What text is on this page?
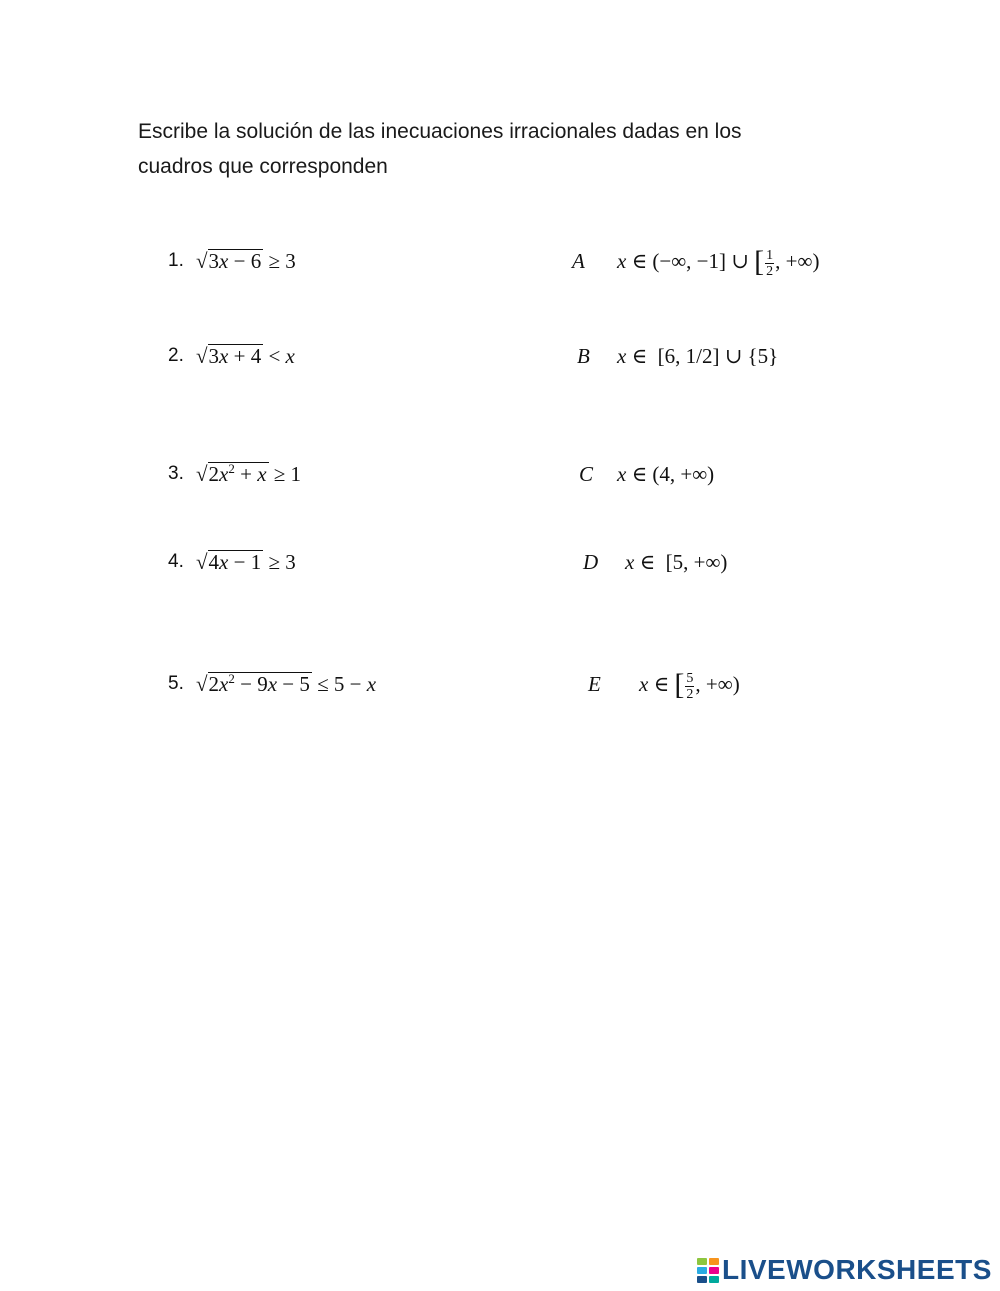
Escribe la solución de las inecuaciones irracionales dadas en los
cuadros que corresponden

1. √3x − 6 ≥ 3	A x ∈ (−∞, −1] ∪ [ $\frac{1}{2}$ , +∞)
2. √3x + 4 < x	B x ∈  [6, 1/2] ∪ {5}
3. $√2x^2 + x \ge 1$	C x ∈ (4, +∞)
4. √4x − 1 ≥ 3	D x ∈  [5, +∞)
5. $√2x^2 - 9x - 5 \le 5 - x$	E x ∈ [ $\frac{5}{2}$ , +∞)
LIVEWORKSHEETS
